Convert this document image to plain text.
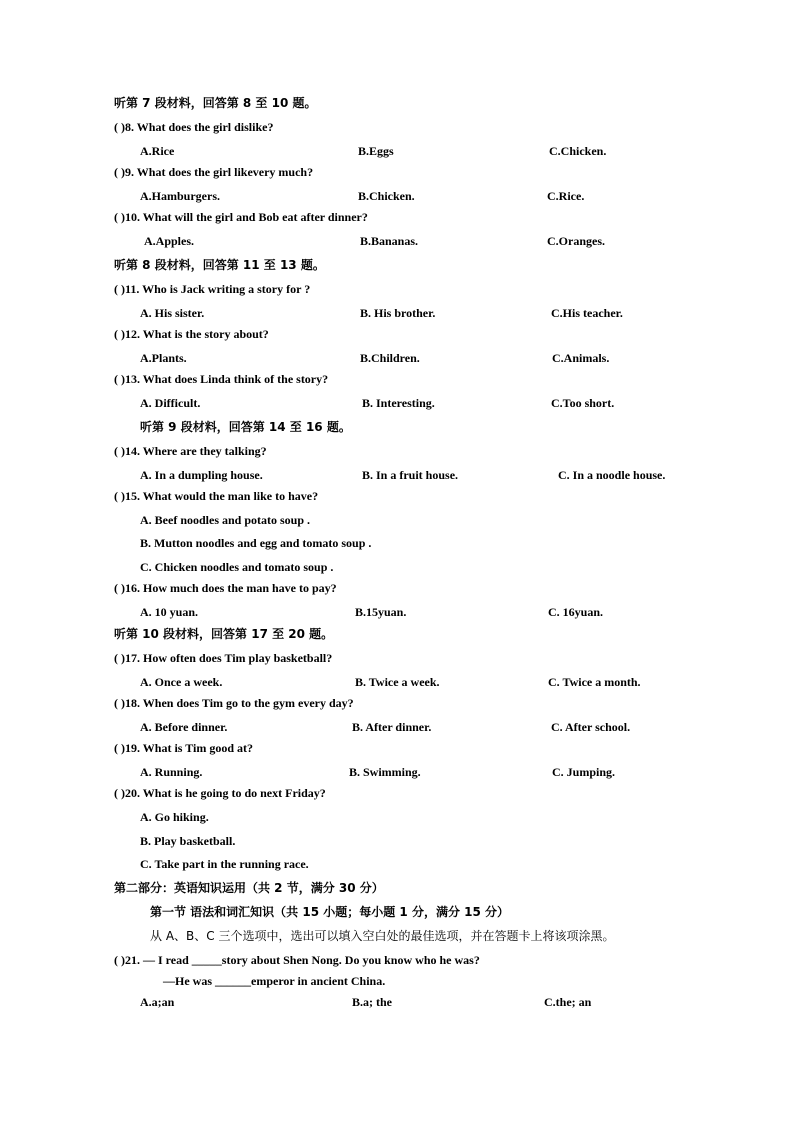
听第 7 段材料，回答第 8 至 10 题。
( )8. What does the girl dislike?
A.Rice	B.Eggs	C.Chicken.
( )9. What does the girl likevery much?
A.Hamburgers.	B.Chicken.	C.Rice.
( )10. What will the girl and Bob eat after dinner?
A.Apples.	B.Bananas.	C.Oranges.
听第 8 段材料，回答第 11 至 13 题。
( )11. Who is Jack writing a story for ?
A. His sister.	B. His brother.	C.His teacher.
( )12. What is the story about?
A.Plants.	B.Children.	C.Animals.
( )13. What does Linda think of the story?
A. Difficult.	B. Interesting.	C.Too short.
听第 9 段材料，回答第 14 至 16 题。
( )14. Where are they talking?
A. In a dumpling house.	B. In a fruit house.	C. In a noodle house.
( )15. What would the man like to have?
A. Beef noodles and potato soup .
B. Mutton noodles and egg and tomato soup .
C. Chicken noodles and tomato soup .
( )16. How much does the man have to pay?
A. 10 yuan.	B.15yuan.	C. 16yuan.
听第 10 段材料，回答第 17 至 20 题。
( )17. How often does Tim play basketball?
A. Once a week.	B. Twice a week.	C. Twice a month.
( )18. When does Tim go to the gym every day?
A. Before dinner.	B. After dinner.	C. After school.
( )19. What is Tim good at?
A. Running.	B. Swimming.	C. Jumping.
( )20. What is he going to do next Friday?
A. Go hiking.
B. Play basketball.
C. Take part in the running race.
第二部分：英语知识运用（共 2 节，满分 30 分）
第一节 语法和词汇知识（共 15 小题；每小题 1 分，满分 15 分）
从 A、B、C 三个选项中，选出可以填入空白处的最佳选项，并在答题卡上将该项涂黑。
( )21. — I read _____story about Shen Nong. Do you know who he was?
—He was ______emperor in ancient China.
A.a;an	B.a; the	C.the; an
